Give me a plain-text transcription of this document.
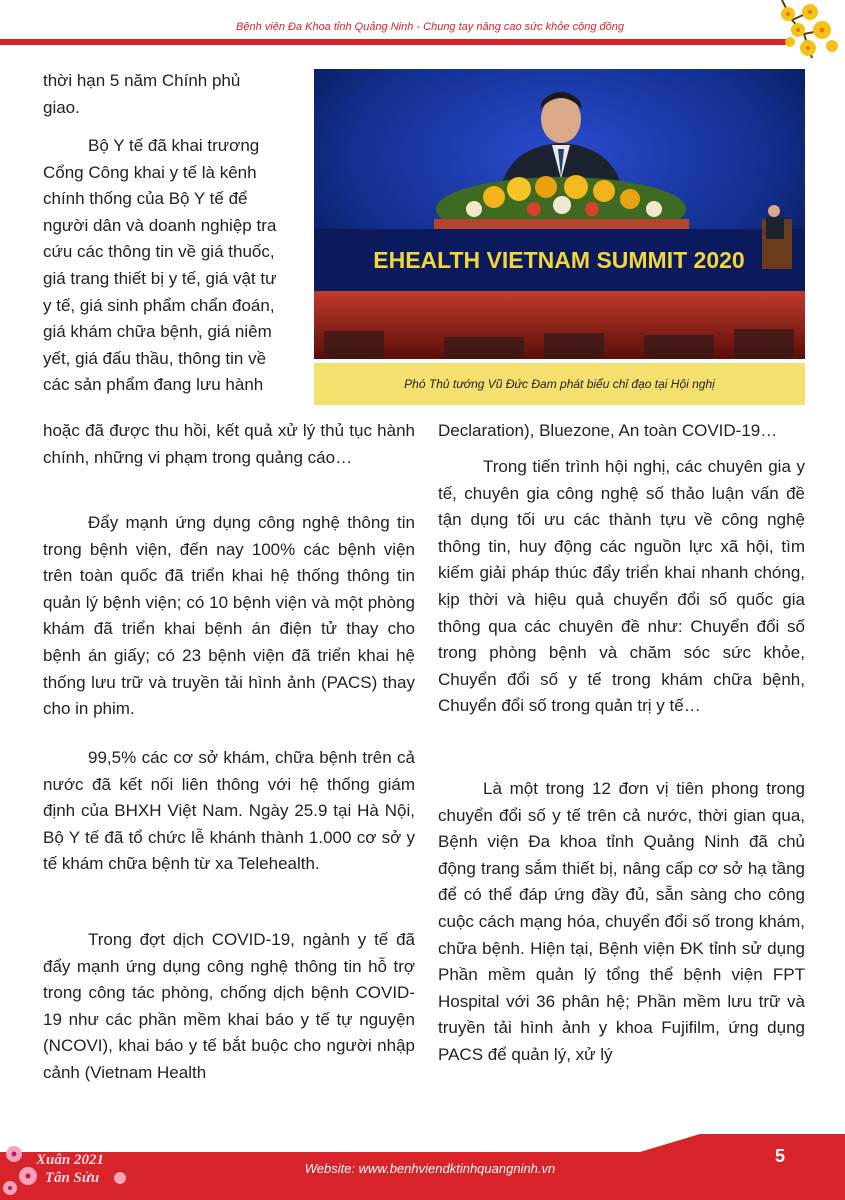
Bệnh viện Đa Khoa tỉnh Quảng Ninh - Chung tay nâng cao sức khỏe cộng đồng
EHEALTH VIETNAM SUMMIT 2020
Phó Thủ tướng Vũ Đức Đam phát biểu chỉ đạo tại Hội nghị
thời hạn 5 năm Chính phủ
giao.
Bộ Y tế đã khai trương
Cổng Công khai y tế là kênh
chính thống của Bộ Y tế để
người dân và doanh nghiệp tra
cứu các thông tin về giá thuốc,
giá trang thiết bị y tế, giá vật tư
y tế, giá sinh phẩm chẩn đoán,
giá khám chữa bệnh, giá niêm
yết, giá đấu thầu, thông tin về
các sản phẩm đang lưu hành
hoặc đã được thu hồi, kết quả xử lý thủ tục hành chính, những vi phạm trong quảng cáo…
Đẩy mạnh ứng dụng công nghệ thông tin trong bệnh viện, đến nay 100% các bệnh viện trên toàn quốc đã triển khai hệ thống thông tin quản lý bệnh viện; có 10 bệnh viện và một phòng khám đã triển khai bệnh án điện tử thay cho bệnh án giấy; có 23 bệnh viện đã triển khai hệ thống lưu trữ và truyền tải hình ảnh (PACS) thay cho in phim.
99,5% các cơ sở khám, chữa bệnh trên cả nước đã kết nối liên thông với hệ thống giám định của BHXH Việt Nam. Ngày 25.9 tại Hà Nội, Bộ Y tế đã tổ chức lễ khánh thành 1.000 cơ sở y tế khám chữa bệnh từ xa Telehealth.
Trong đợt dịch COVID-19, ngành y tế đã đẩy mạnh ứng dụng công nghệ thông tin hỗ trợ trong công tác phòng, chống dịch bệnh COVID-19 như các phần mềm khai báo y tế tự nguyện (NCOVI), khai báo y tế bắt buộc cho người nhập cảnh (Vietnam Health
Declaration), Bluezone, An toàn COVID-19…
Trong tiến trình hội nghị, các chuyên gia y tế, chuyên gia công nghệ số thảo luận vấn đề tận dụng tối ưu các thành tựu về công nghệ thông tin, huy động các nguồn lực xã hội, tìm kiếm giải pháp thúc đẩy triển khai nhanh chóng, kịp thời và hiệu quả chuyển đổi số quốc gia thông qua các chuyên đề như: Chuyển đổi số trong phòng bệnh và chăm sóc sức khỏe, Chuyển đổi số y tế trong khám chữa bệnh, Chuyển đổi số trong quản trị y tế…
Là một trong 12 đơn vị tiên phong trong chuyển đổi số y tế trên cả nước, thời gian qua, Bệnh viện Đa khoa tỉnh Quảng Ninh đã chủ động trang sắm thiết bị, nâng cấp cơ sở hạ tầng để có thể đáp ứng đầy đủ, sẵn sàng cho công cuộc cách mạng hóa, chuyển đổi số trong khám, chữa bệnh. Hiện tại, Bệnh viện ĐK tỉnh sử dụng Phần mềm quản lý tổng thể bệnh viện FPT Hospital với 36 phân hệ; Phần mềm lưu trữ và truyền tải hình ảnh y khoa Fujifilm, ứng dụng PACS để quản lý, xử lý
Xuân 2021
Tân Sửu
Website: www.benhviendktinhquangninh.vn
5
